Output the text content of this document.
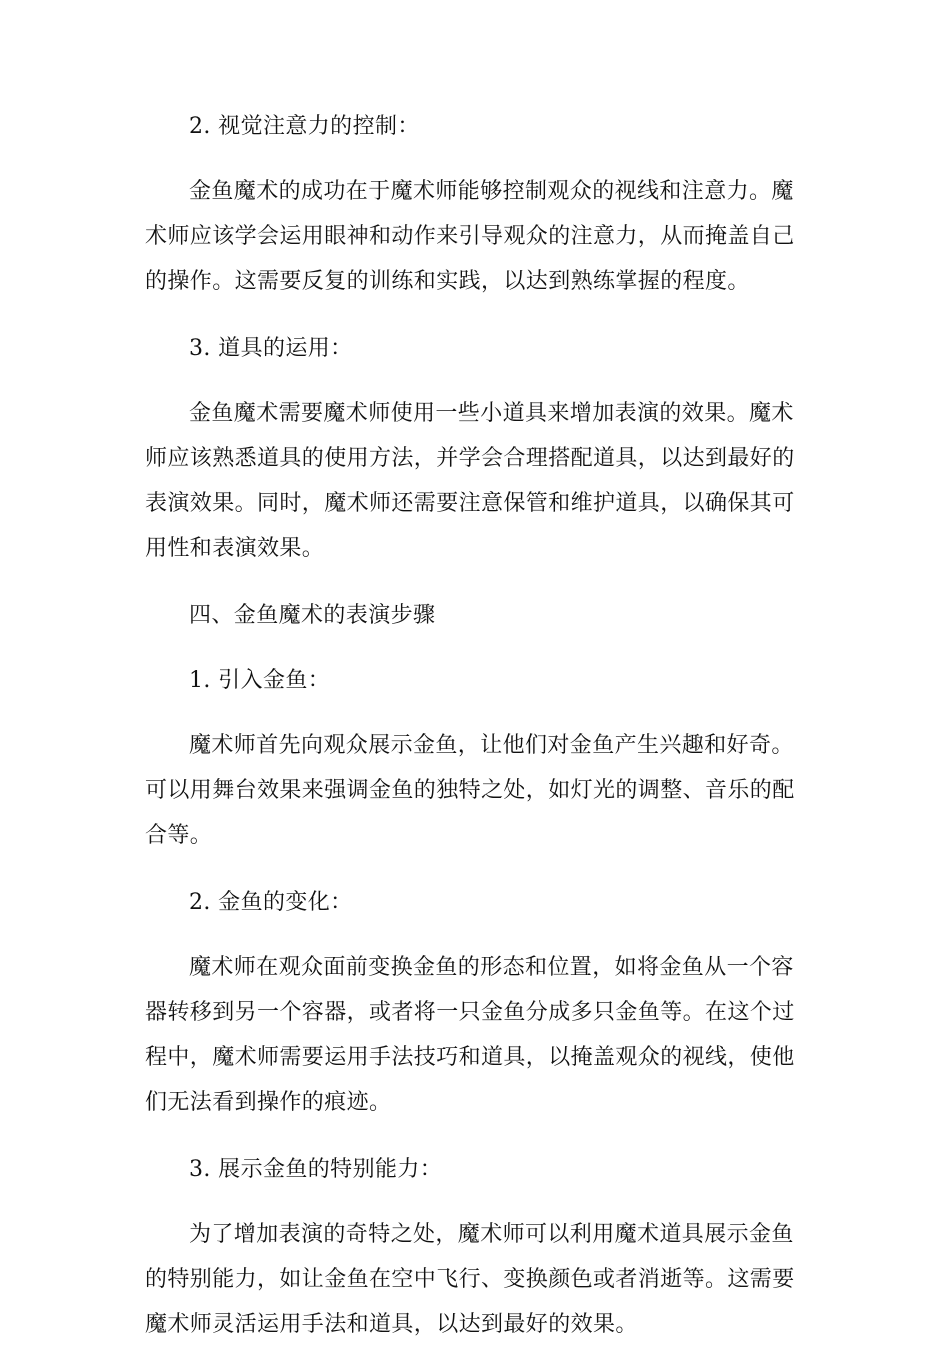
2. 视觉注意力的控制：

金鱼魔术的成功在于魔术师能够控制观众的视线和注意力。魔术师应该学会运用眼神和动作来引导观众的注意力，从而掩盖自己的操作。这需要反复的训练和实践，以达到熟练掌握的程度。

3. 道具的运用：

金鱼魔术需要魔术师使用一些小道具来增加表演的效果。魔术师应该熟悉道具的使用方法，并学会合理搭配道具，以达到最好的表演效果。同时，魔术师还需要注意保管和维护道具，以确保其可用性和表演效果。

四、金鱼魔术的表演步骤

1. 引入金鱼：

魔术师首先向观众展示金鱼，让他们对金鱼产生兴趣和好奇。可以用舞台效果来强调金鱼的独特之处，如灯光的调整、音乐的配合等。

2. 金鱼的变化：

魔术师在观众面前变换金鱼的形态和位置，如将金鱼从一个容器转移到另一个容器，或者将一只金鱼分成多只金鱼等。在这个过程中，魔术师需要运用手法技巧和道具，以掩盖观众的视线，使他们无法看到操作的痕迹。

3. 展示金鱼的特别能力：

为了增加表演的奇特之处，魔术师可以利用魔术道具展示金鱼的特别能力，如让金鱼在空中飞行、变换颜色或者消逝等。这需要魔术师灵活运用手法和道具，以达到最好的效果。
